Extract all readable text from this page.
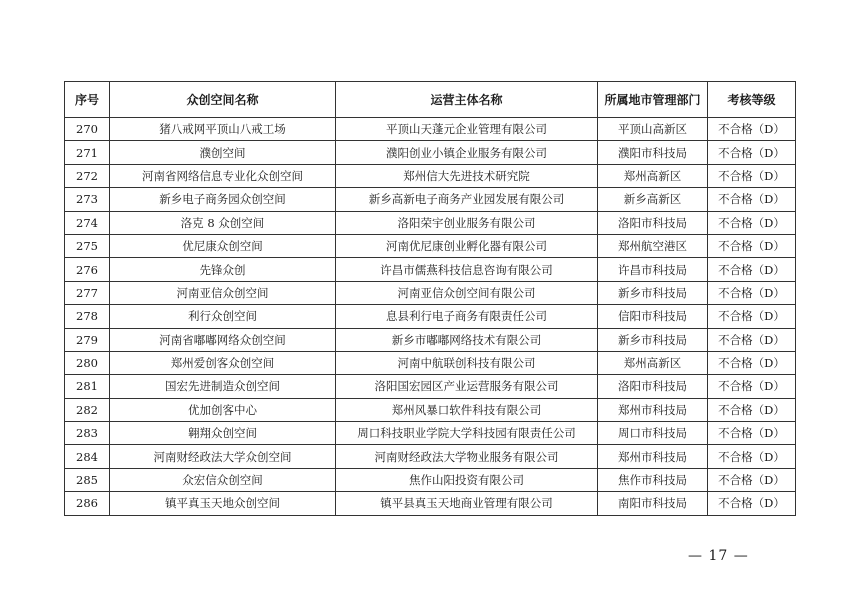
序号	众创空间名称	运营主体名称	所属地市管理部门	考核等级
270	猪八戒网平顶山八戒工场	平顶山天蓬元企业管理有限公司	平顶山高新区	不合格（D）
271	濮创空间	濮阳创业小镇企业服务有限公司	濮阳市科技局	不合格（D）
272	河南省网络信息专业化众创空间	郑州信大先进技术研究院	郑州高新区	不合格（D）
273	新乡电子商务园众创空间	新乡高新电子商务产业园发展有限公司	新乡高新区	不合格（D）
274	洛克 8 众创空间	洛阳荣宇创业服务有限公司	洛阳市科技局	不合格（D）
275	优尼康众创空间	河南优尼康创业孵化器有限公司	郑州航空港区	不合格（D）
276	先锋众创	许昌市儒燕科技信息咨询有限公司	许昌市科技局	不合格（D）
277	河南亚信众创空间	河南亚信众创空间有限公司	新乡市科技局	不合格（D）
278	利行众创空间	息县利行电子商务有限责任公司	信阳市科技局	不合格（D）
279	河南省嘟嘟网络众创空间	新乡市嘟嘟网络技术有限公司	新乡市科技局	不合格（D）
280	郑州爱创客众创空间	河南中航联创科技有限公司	郑州高新区	不合格（D）
281	国宏先进制造众创空间	洛阳国宏园区产业运营服务有限公司	洛阳市科技局	不合格（D）
282	优加创客中心	郑州风暴口软件科技有限公司	郑州市科技局	不合格（D）
283	翱翔众创空间	周口科技职业学院大学科技园有限责任公司	周口市科技局	不合格（D）
284	河南财经政法大学众创空间	河南财经政法大学物业服务有限公司	郑州市科技局	不合格（D）
285	众宏信众创空间	焦作山阳投资有限公司	焦作市科技局	不合格（D）
286	镇平真玉天地众创空间	镇平县真玉天地商业管理有限公司	南阳市科技局	不合格（D）
— 17 —
